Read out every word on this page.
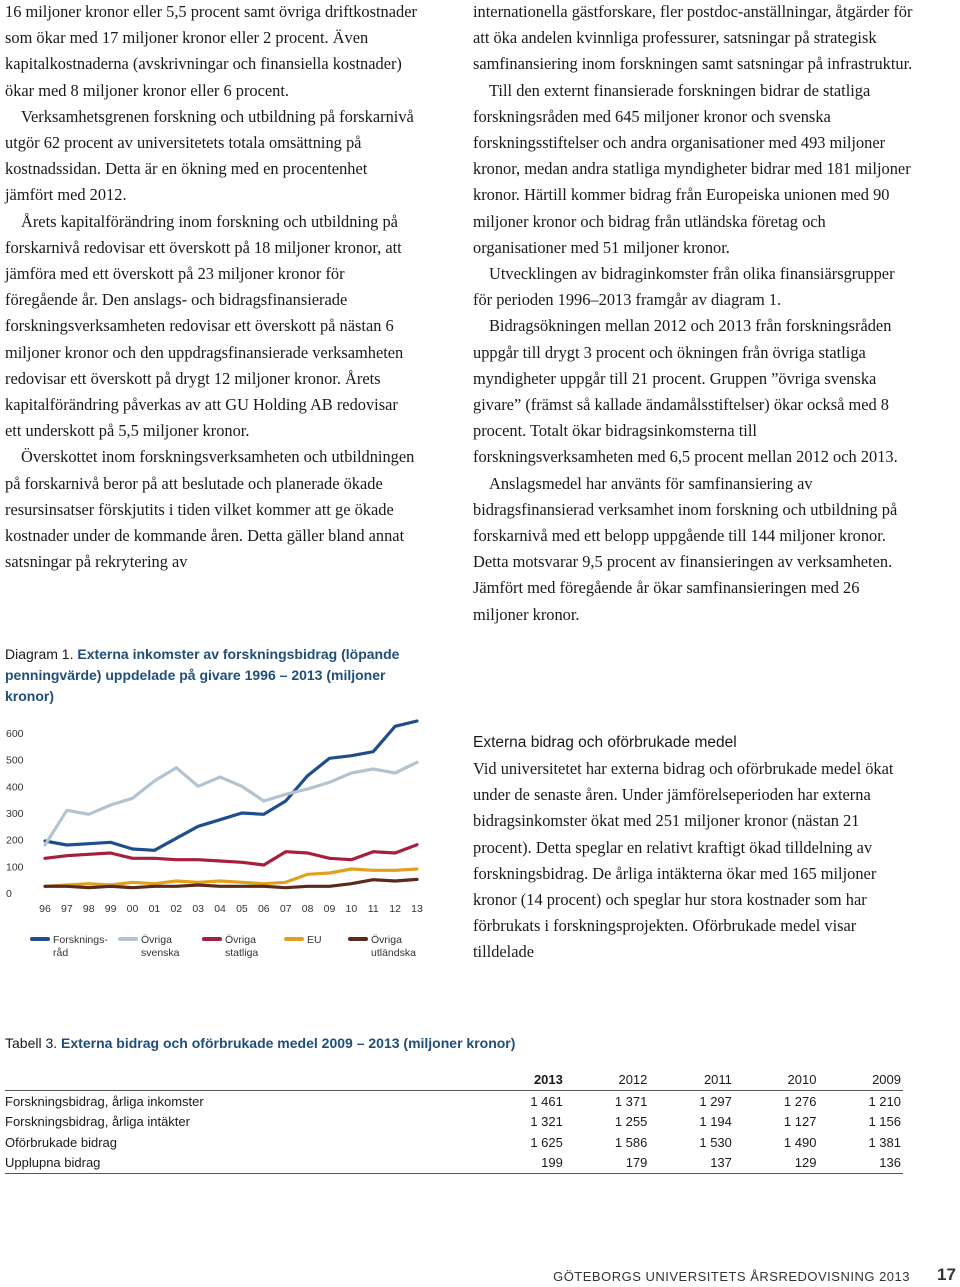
16 miljoner kronor eller 5,5 procent samt övriga driftkostnader som ökar med 17 miljoner kronor eller 2 procent. Även kapitalkostnaderna (avskrivningar och finansiella kostnader) ökar med 8 miljoner kronor eller 6 procent.

Verksamhetsgrenen forskning och utbildning på forskarnivå utgör 62 procent av universitetets totala omsättning på kostnadssidan. Detta är en ökning med en procentenhet jämfört med 2012.

Årets kapitalförändring inom forskning och utbildning på forskarnivå redovisar ett överskott på 18 miljoner kronor, att jämföra med ett överskott på 23 miljoner kronor för föregående år. Den anslags- och bidragsfinansierade forskningsverksamheten redovisar ett överskott på nästan 6 miljoner kronor och den uppdragsfinansierade verksamheten redovisar ett överskott på drygt 12 miljoner kronor. Årets kapitalförändring påverkas av att GU Holding AB redovisar ett underskott på 5,5 miljoner kronor.

Överskottet inom forskningsverksamheten och utbildningen på forskarnivå beror på att beslutade och planerade ökade resursinsatser förskjutits i tiden vilket kommer att ge ökade kostnader under de kommande åren. Detta gäller bland annat satsningar på rekrytering av

Diagram 1. Externa inkomster av forskningsbidrag (löpande penningvärde) uppdelade på givare 1996 – 2013 (miljoner kronor)
0
100
200
300
400
500
600
96 97 98 99 00 01 02 03 04 05 06 07 08 09 10 11 12 13
Forsknings-råd
Övriga svenska
Övriga statliga
EU	Övriga utländska

internationella gästforskare, fler postdoc-anställningar, åtgärder för att öka andelen kvinnliga professurer, satsningar på strategisk samfinansiering inom forskningen samt satsningar på infrastruktur.

Till den externt finansierade forskningen bidrar de statliga forskningsråden med 645 miljoner kronor och svenska forskningsstiftelser och andra organisationer med 493 miljoner kronor, medan andra statliga myndigheter bidrar med 181 miljoner kronor. Härtill kommer bidrag från Europeiska unionen med 90 miljoner kronor och bidrag från utländska företag och organisationer med 51 miljoner kronor.

Utvecklingen av bidraginkomster från olika finansiärsgrupper för perioden 1996–2013 framgår av diagram 1.

Bidragsökningen mellan 2012 och 2013 från forskningsråden uppgår till drygt 3 procent och ökningen från övriga statliga myndigheter uppgår till 21 procent. Gruppen ”övriga svenska givare” (främst så kallade ändamålsstiftelser) ökar också med 8 procent. Totalt ökar bidragsinkomsterna till forskningsverksamheten med 6,5 procent mellan 2012 och 2013.

Anslagsmedel har använts för samfinansiering av bidragsfinansierad verksamhet inom forskning och utbildning på forskarnivå med ett belopp uppgående till 144 miljoner kronor. Detta motsvarar 9,5 procent av finansieringen av verksamheten. Jämfört med föregående år ökar samfinansieringen med 26 miljoner kronor.

Externa bidrag och oförbrukade medel

Vid universitetet har externa bidrag och oförbrukade medel ökat under de senaste åren. Under jämförelseperioden har externa bidragsinkomster ökat med 251 miljoner kronor (nästan 21 procent). Detta speglar en relativt kraftigt ökad tilldelning av forskningsbidrag. De årliga intäkterna ökar med 165 miljoner kronor (14 procent) och speglar hur stora kostnader som har förbrukats i forskningsprojekten. Oförbrukade medel visar tilldelade

Tabell 3. Externa bidrag och oförbrukade medel 2009 – 2013 (miljoner kronor)
	2013	2012	2011	2010	2009
Forskningsbidrag, årliga inkomster	1 461	1 371	1 297	1 276	1 210
Forskningsbidrag, årliga intäkter	1 321	1 255	1 194	1 127	1 156
Oförbrukade bidrag	1 625	1 586	1 530	1 490	1 381
Upplupna bidrag	199	179	137	129	136
GÖTEBORGS UNIVERSITETS ÅRSREDOVISNING 2013 17
